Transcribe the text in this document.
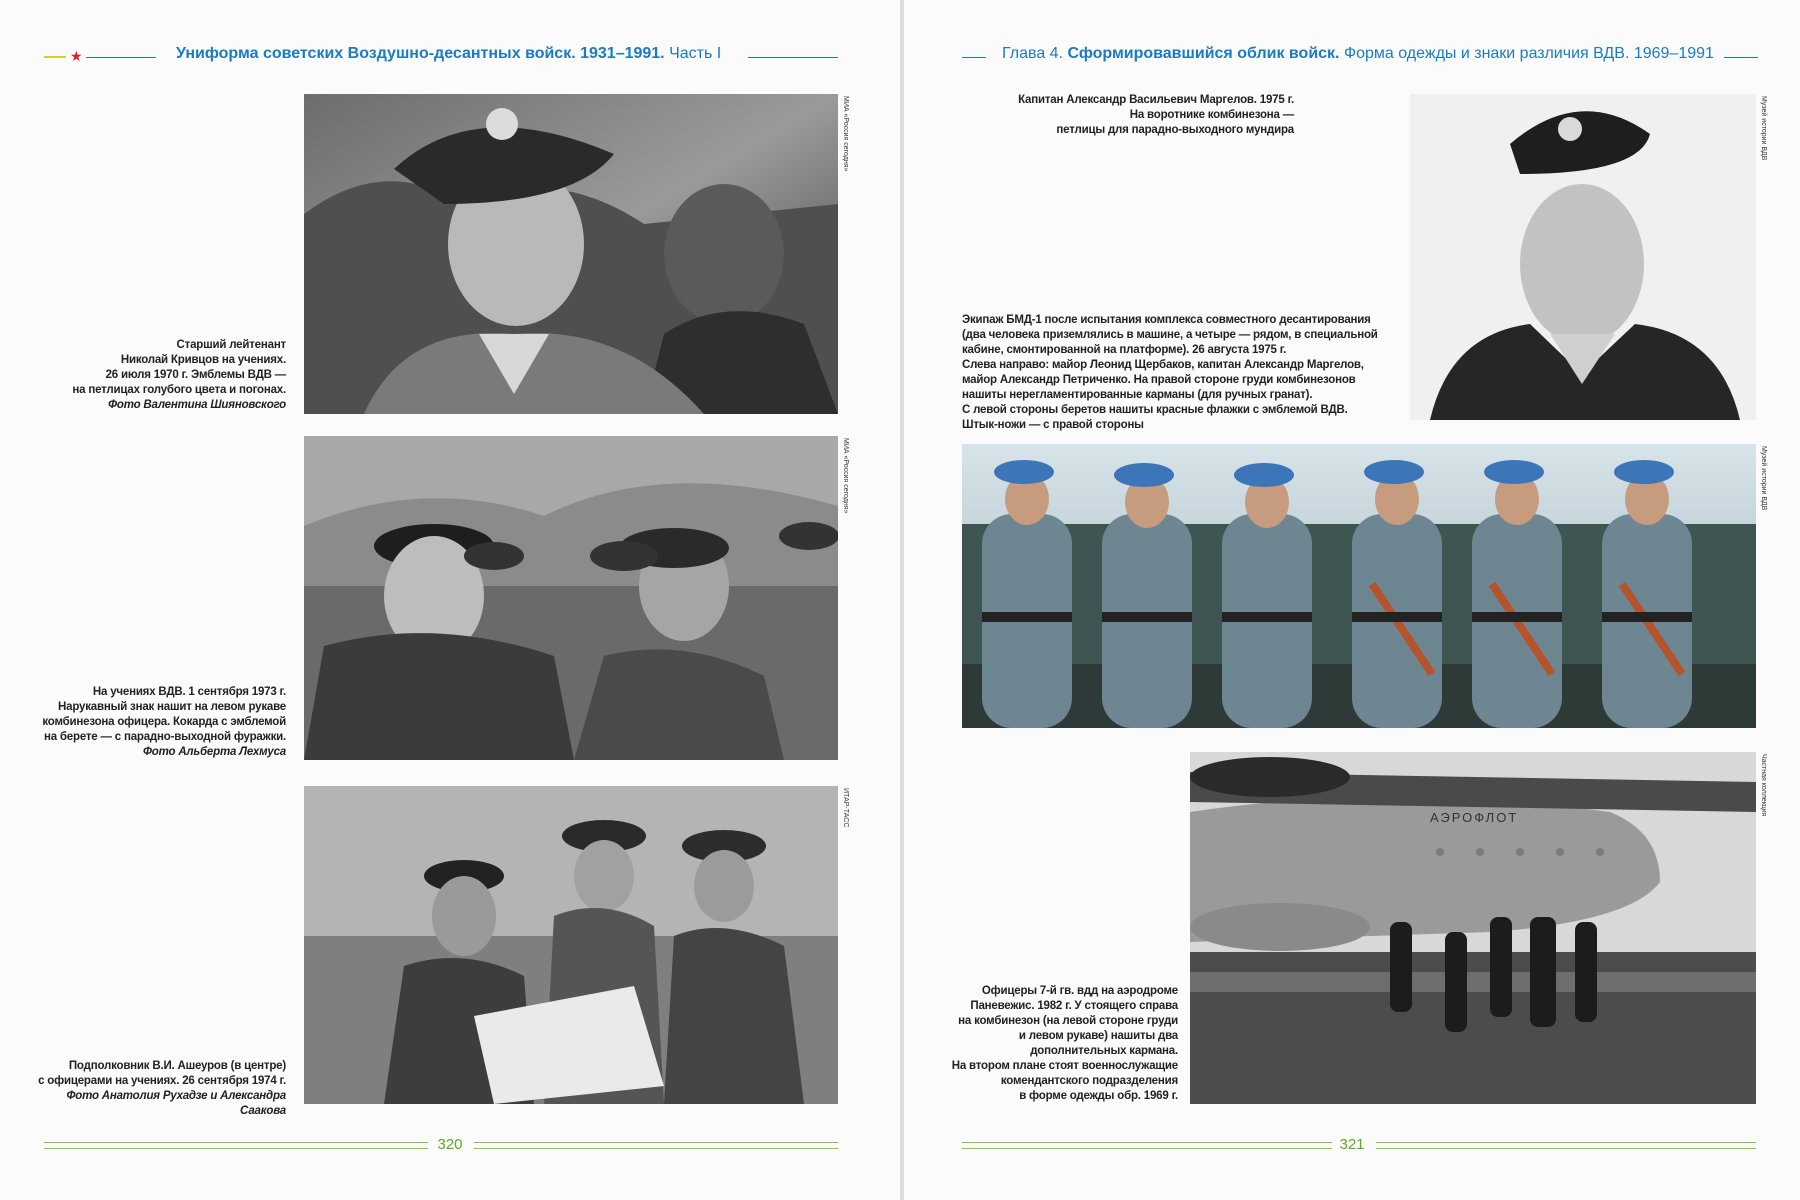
★	Униформа советских Воздушно-десантных войск. 1931–1991. Часть I
МИА «Россия сегодня»
Старший лейтенант
Николай Кривцов на учениях.
26 июля 1970 г. Эмблемы ВДВ —
на петлицах голубого цвета и погонах.
Фото Валентина Шияновского
МИА «Россия сегодня»
На учениях ВДВ. 1 сентября 1973 г.
Нарукавный знак нашит на левом рукаве
комбинезона офицера. Кокарда с эмблемой
на берете — с парадно-выходной фуражки.
Фото Альберта Лехмуса
ИТАР-ТАСС
Подполковник В.И. Ашеуров (в центре)
с офицерами на учениях. 26 сентября 1974 г.
Фото Анатолия Рухадзе и Александра Саакова
320
Глава 4. Сформировавшийся облик войск. Форма одежды и знаки различия ВДВ. 1969–1991
Капитан Александр Васильевич Маргелов. 1975 г.
На воротнике комбинезона —
петлицы для парадно-выходного мундира	Музей истории ВДВ
Экипаж БМД-1 после испытания комплекса совместного десантирования
(два человека приземлялись в машине, а четыре — рядом, в специальной
кабине, смонтированной на платформе). 26 августа 1975 г.
Слева направо: майор Леонид Щербаков, капитан Александр Маргелов,
майор Александр Петриченко. На правой стороне груди комбинезонов
нашиты нерегламентированные карманы (для ручных гранат).
С левой стороны беретов нашиты красные флажки с эмблемой ВДВ.
Штык-ножи — с правой стороны
Музей истории ВДВ
Офицеры 7-й гв. вдд на аэродроме
Паневежис. 1982 г. У стоящего справа
на комбинезон (на левой стороне груди
и левом рукаве) нашиты два
дополнительных кармана.
На втором плане стоят военнослужащие
комендантского подразделения
в форме одежды обр. 1969 г.
АЭРОФЛОТ
Частная коллекция
321
